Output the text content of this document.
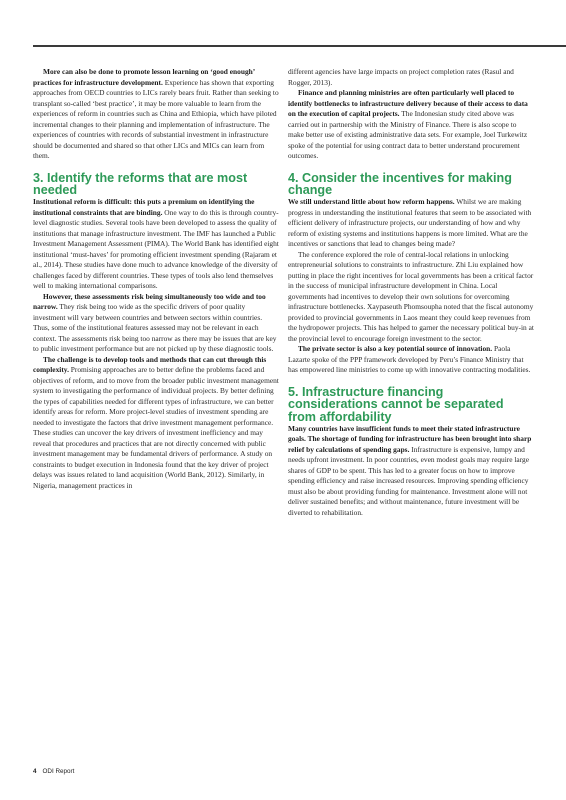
More can also be done to promote lesson learning on ‘good enough’ practices for infrastructure development. Experience has shown that exporting approaches from OECD countries to LICs rarely bears fruit. Rather than seeking to transplant so-called ‘best practice’, it may be more valuable to learn from the experiences of reform in countries such as China and Ethiopia, which have piloted incremental changes to their planning and implementation of infrastructure. The experiences of countries with records of substantial investment in infrastructure should be documented and shared so that other LICs and MICs can learn from them.

3. Identify the reforms that are most needed

Institutional reform is difficult: this puts a premium on identifying the institutional constraints that are binding. One way to do this is through country-level diagnostic studies. Several tools have been developed to assess the quality of institutions that manage infrastructure investment. The IMF has launched a Public Investment Management Assessment (PIMA). The World Bank has identified eight institutional ‘must-haves’ for promoting efficient investment spending (Rajaram et al., 2014). These studies have done much to advance knowledge of the diversity of challenges faced by different countries. These types of tools also lend themselves well to making international comparisons.

However, these assessments risk being simultaneously too wide and too narrow. They risk being too wide as the specific drivers of poor quality investment will vary between countries and between sectors within countries. Thus, some of the institutional features assessed may not be relevant in each context. The assessments risk being too narrow as there may be issues that are key to public investment performance but are not picked up by these diagnostic tools.

The challenge is to develop tools and methods that can cut through this complexity. Promising approaches are to better define the problems faced and objectives of reform, and to move from the broader public investment management system to investigating the performance of individual projects. By better defining the types of capabilities needed for different types of infrastructure, we can better identify areas for reform. More project-level studies of investment spending are needed to investigate the factors that drive investment management performance. These studies can uncover the key drivers of investment inefficiency and may reveal that procedures and practices that are not directly concerned with public investment management may be fundamental drivers of performance. A study on constraints to budget execution in Indonesia found that the key driver of project delays was issues related to land acquisition (World Bank, 2012). Similarly, in Nigeria, management practices in

different agencies have large impacts on project completion rates (Rasul and Rogger, 2013).

Finance and planning ministries are often particularly well placed to identify bottlenecks to infrastructure delivery because of their access to data on the execution of capital projects. The Indonesian study cited above was carried out in partnership with the Ministry of Finance. There is also scope to make better use of existing administrative data sets. For example, Joel Turkewitz spoke of the potential for using contract data to better understand procurement outcomes.

4. Consider the incentives for making change

We still understand little about how reform happens. Whilst we are making progress in understanding the institutional features that seem to be associated with efficient delivery of infrastructure projects, our understanding of how and why reform of existing systems and institutions happens is more limited. What are the incentives or sanctions that lead to changes being made?

The conference explored the role of central-local relations in unlocking entrepreneurial solutions to constraints to infrastructure. Zhi Liu explained how putting in place the right incentives for local governments has been a critical factor in the success of municipal infrastructure development in China. Local governments had incentives to develop their own solutions for overcoming infrastructure bottlenecks. Xaypaseuth Phomsoupha noted that the fiscal autonomy provided to provincial governments in Laos meant they could keep revenues from the hydropower projects. This has helped to garner the necessary political buy-in at the provincial level to encourage foreign investment to the sector.

The private sector is also a key potential source of innovation. Paola Lazarte spoke of the PPP framework developed by Peru’s Finance Ministry that has empowered line ministries to come up with innovative contracting modalities.

5. Infrastructure financing considerations cannot be separated from affordability

Many countries have insufficient funds to meet their stated infrastructure goals. The shortage of funding for infrastructure has been brought into sharp relief by calculations of spending gaps. Infrastructure is expensive, lumpy and needs upfront investment. In poor countries, even modest goals may require large shares of GDP to be spent. This has led to a greater focus on how to improve spending efficiency and raise increased resources. Improving spending efficiency must also be about providing funding for maintenance. Investment alone will not deliver sustained benefits; and without maintenance, future investment will be diverted to rehabilitation.

4 ODI Report
